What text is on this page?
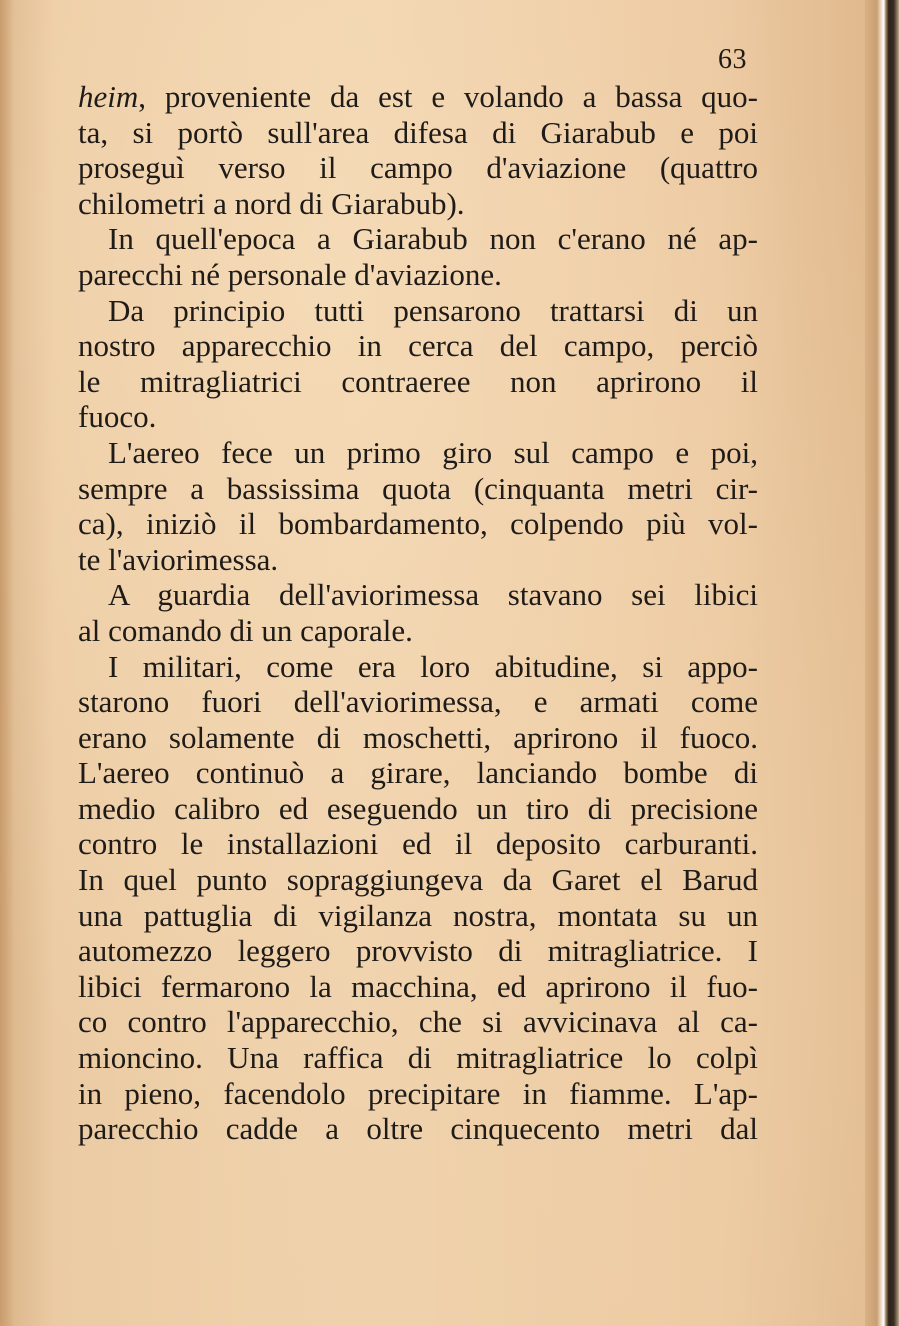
63
heim, proveniente da est e volando a bassa quo-
ta, si portò sull'area difesa di Giarabub e poi
proseguì verso il campo d'aviazione (quattro
chilometri a nord di Giarabub).
In quell'epoca a Giarabub non c'erano né ap-
parecchi né personale d'aviazione.
Da principio tutti pensarono trattarsi di un
nostro apparecchio in cerca del campo, perciò
le mitragliatrici contraeree non aprirono il
fuoco.
L'aereo fece un primo giro sul campo e poi,
sempre a bassissima quota (cinquanta metri cir-
ca), iniziò il bombardamento, colpendo più vol-
te l'aviorimessa.
A guardia dell'aviorimessa stavano sei libici
al comando di un caporale.
I militari, come era loro abitudine, si appo-
starono fuori dell'aviorimessa, e armati come
erano solamente di moschetti, aprirono il fuoco.
L'aereo continuò a girare, lanciando bombe di
medio calibro ed eseguendo un tiro di precisione
contro le installazioni ed il deposito carburanti.
In quel punto sopraggiungeva da Garet el Barud
una pattuglia di vigilanza nostra, montata su un
automezzo leggero provvisto di mitragliatrice. I
libici fermarono la macchina, ed aprirono il fuo-
co contro l'apparecchio, che si avvicinava al ca-
mioncino. Una raffica di mitragliatrice lo colpì
in pieno, facendolo precipitare in fiamme. L'ap-
parecchio cadde a oltre cinquecento metri dal
